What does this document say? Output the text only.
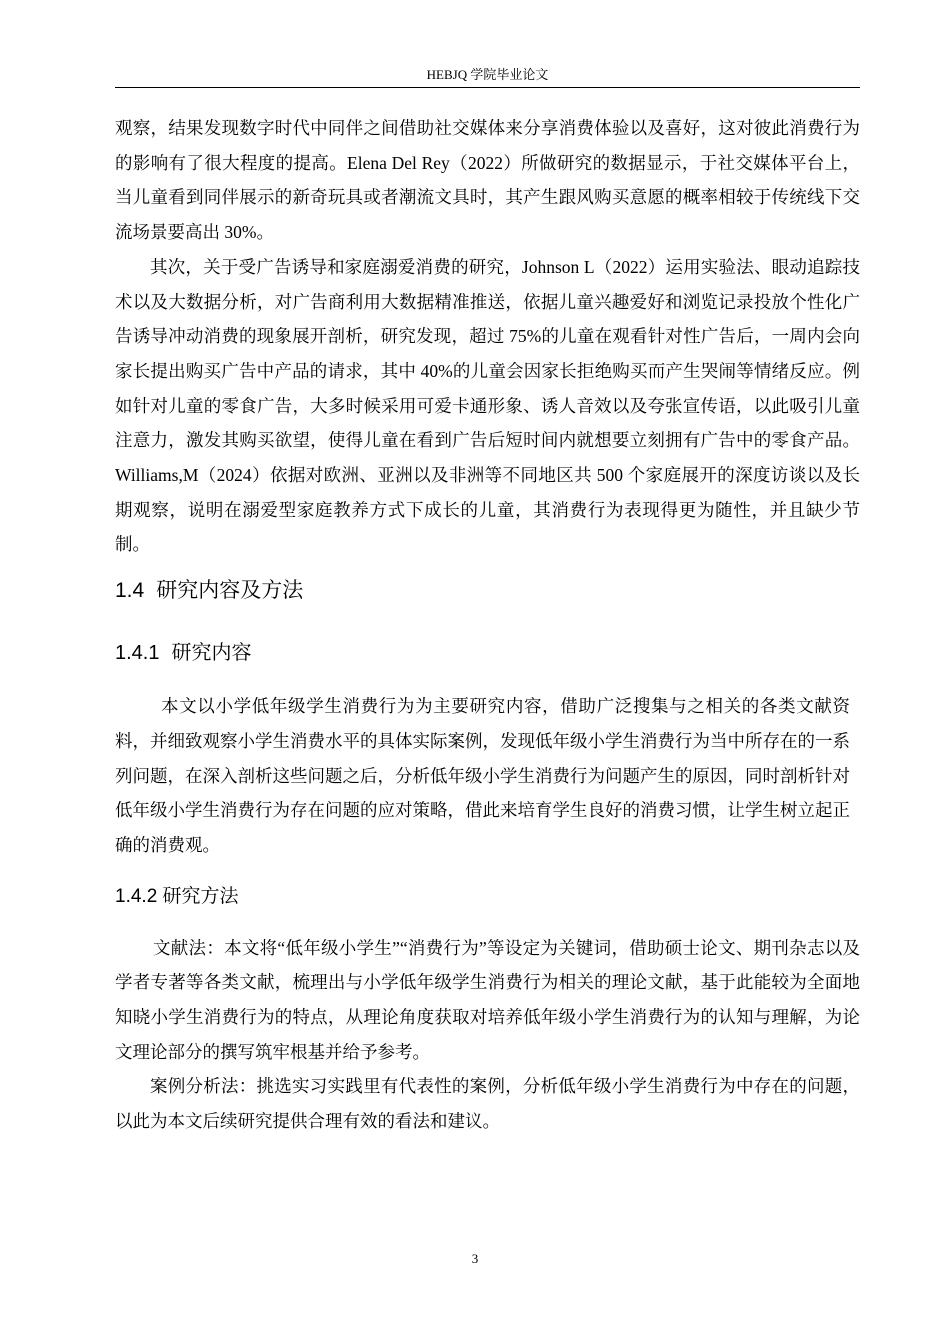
HEBJQ 学院毕业论文

观察，结果发现数字时代中同伴之间借助社交媒体来分享消费体验以及喜好，这对彼此消费行为的影响有了很大程度的提高。Elena Del Rey（2022）所做研究的数据显示，于社交媒体平台上，当儿童看到同伴展示的新奇玩具或者潮流文具时，其产生跟风购买意愿的概率相较于传统线下交流场景要高出 30%。

其次，关于受广告诱导和家庭溺爱消费的研究，Johnson L（2022）运用实验法、眼动追踪技术以及大数据分析，对广告商利用大数据精准推送，依据儿童兴趣爱好和浏览记录投放个性化广告诱导冲动消费的现象展开剖析，研究发现，超过 75%的儿童在观看针对性广告后，一周内会向家长提出购买广告中产品的请求，其中 40%的儿童会因家长拒绝购买而产生哭闹等情绪反应。例如针对儿童的零食广告，大多时候采用可爱卡通形象、诱人音效以及夸张宣传语，以此吸引儿童注意力，激发其购买欲望，使得儿童在看到广告后短时间内就想要立刻拥有广告中的零食产品。Williams,M（2024）依据对欧洲、亚洲以及非洲等不同地区共 500 个家庭展开的深度访谈以及长期观察，说明在溺爱型家庭教养方式下成长的儿童，其消费行为表现得更为随性，并且缺少节制。

1.4 研究内容及方法
1.4.1 研究内容

本文以小学低年级学生消费行为为主要研究内容，借助广泛搜集与之相关的各类文献资料，并细致观察小学生消费水平的具体实际案例，发现低年级小学生消费行为当中所存在的一系列问题，在深入剖析这些问题之后，分析低年级小学生消费行为问题产生的原因，同时剖析针对低年级小学生消费行为存在问题的应对策略，借此来培育学生良好的消费习惯，让学生树立起正确的消费观。

1.4.2 研究方法

文献法：本文将“低年级小学生”“消费行为”等设定为关键词，借助硕士论文、期刊杂志以及学者专著等各类文献，梳理出与小学低年级学生消费行为相关的理论文献，基于此能较为全面地知晓小学生消费行为的特点，从理论角度获取对培养低年级小学生消费行为的认知与理解，为论文理论部分的撰写筑牢根基并给予参考。

案例分析法：挑选实习实践里有代表性的案例，分析低年级小学生消费行为中存在的问题，以此为本文后续研究提供合理有效的看法和建议。

3
